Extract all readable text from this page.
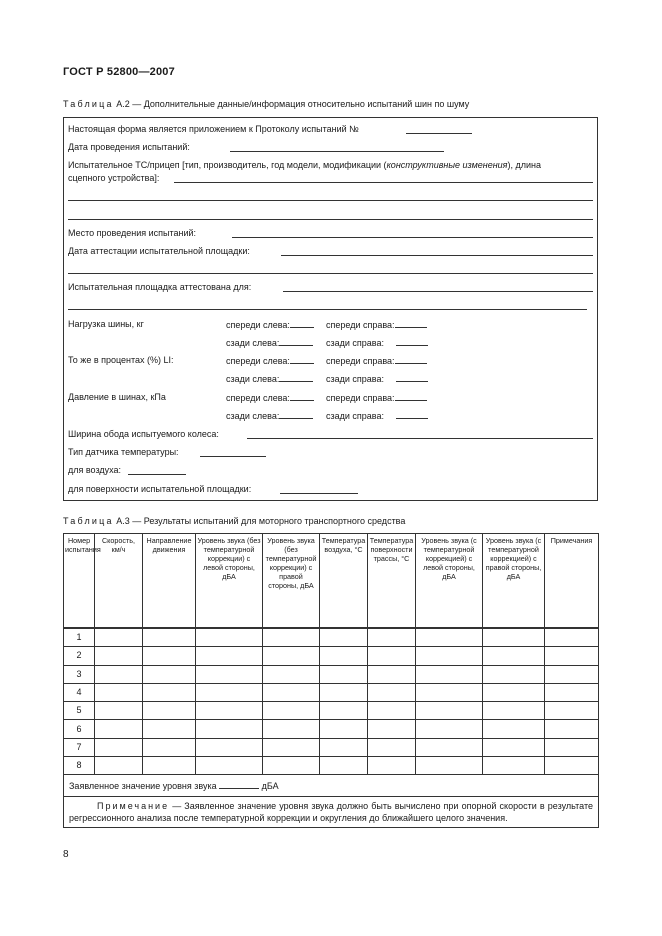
ГОСТ Р 52800—2007
Таблица А.2 — Дополнительные данные/информация относительно испытаний шин по шуму
Настоящая форма является приложением к Протоколу испытаний №
Дата проведения испытаний:
Испытательное ТС/прицеп [тип, производитель, год модели, модификации (конструктивные изменения), длина
сцепного устройства]:
Место проведения испытаний:
Дата аттестации испытательной площадки:
Испытательная площадка аттестована для:
Нагрузка шины, кг	спереди слева:	спереди справа:
сзади слева:	сзади справа:
То же в процентах (%) LI:	спереди слева:	спереди справа:
сзади слева:	сзади справа:
Давление в шинах, кПа	спереди слева:	спереди справа:
сзади слева:	сзади справа:
Ширина обода испытуемого колеса:
Тип датчика температуры:
для воздуха:
для поверхности испытательной площадки:
Таблица А.3 — Результаты испытаний для моторного транспортного средства
Номер испытания	Скорость, км/ч	Направление движения	Уровень звука (без температурной коррекции) с левой стороны, дБА	Уровень звука (без температурной коррекции) с правой стороны, дБА	Температура воздуха, °С	Температура поверхности трассы, °С	Уровень звука (с температурной коррекцией) с левой стороны, дБА	Уровень звука (с температурной коррекцией) с правой стороны, дБА	Примечания

1									
2									
3									
4									
5									
6									
7									
8									
Заявленное значение уровня звука дБА									
Примечание — Заявленное значение уровня звука должно быть вычислено при опорной скорости в результате регрессионного анализа после температурной коррекции и округления до ближайшего целого значения.									
8
